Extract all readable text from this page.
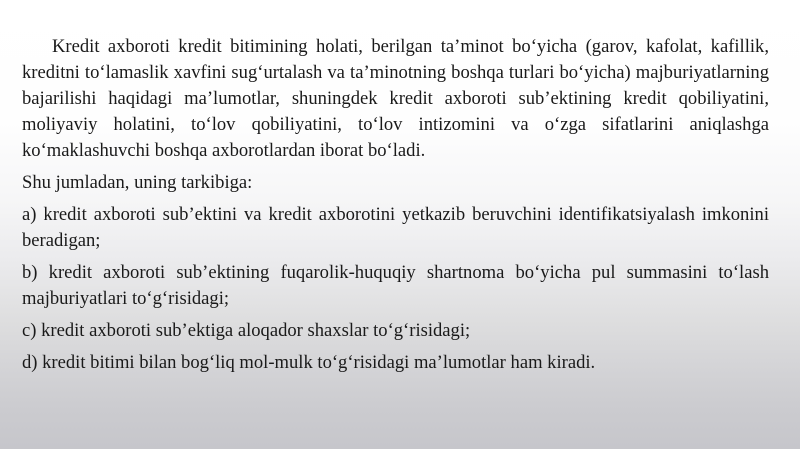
Kredit axboroti kredit bitimining holati, berilgan ta’minot bo‘yicha (garov, kafolat, kafillik, kreditni to‘lamaslik xavfini sug‘urtalash va ta’minotning boshqa turlari bo‘yicha) majburiyatlarning bajarilishi haqidagi ma’lumotlar, shuningdek kredit axboroti sub’ektining kredit qobiliyatini, moliyaviy holatini, to‘lov qobiliyatini, to‘lov intizomini va o‘zga sifatlarini aniqlashga ko‘maklashuvchi boshqa axborotlardan iborat bo‘ladi.

Shu jumladan, uning tarkibiga:

a) kredit axboroti sub’ektini va kredit axborotini yetkazib beruvchini identifikatsiyalash imkonini beradigan;

b) kredit axboroti sub’ektining fuqarolik-huquqiy shartnoma bo‘yicha pul summasini to‘lash majburiyatlari to‘g‘risidagi;

c) kredit axboroti sub’ektiga aloqador shaxslar to‘g‘risidagi;

d) kredit bitimi bilan bog‘liq mol-mulk to‘g‘risidagi ma’lumotlar ham kiradi.
